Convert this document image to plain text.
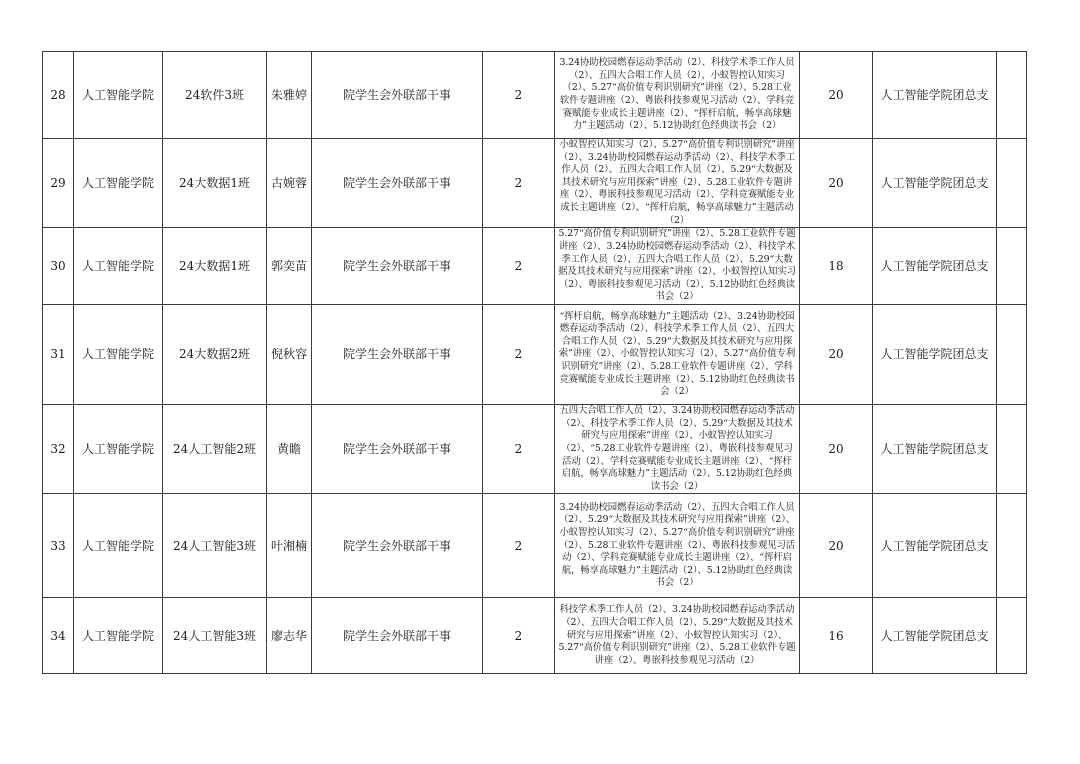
28	人工智能学院	24软件3班	朱雅婷	院学生会外联部干事	2	3.24协助校园燃春运动季活动（2）、科技学术季工作人员（2）、五四大合唱工作人员（2）、小蚁智控认知实习（2）、5.27“高价值专利识别研究”讲座（2）、5.28工业软件专题讲座（2）、粤嵌科技参观见习活动（2）、学科竞赛赋能专业成长主题讲座（2）、“挥杆启航，畅享高球魅力”主题活动（2）、5.12协助红色经典读书会（2）	20	人工智能学院团总支	
29	人工智能学院	24大数据1班	古婉蓉	院学生会外联部干事	2	小蚁智控认知实习（2）、5.27“高价值专利识别研究”讲座（2）、3.24协助校园燃春运动季活动（2）、科技学术季工作人员（2）、五四大合唱工作人员（2）、5.29“大数据及其技术研究与应用探索”讲座（2）、5.28工业软件专题讲座（2）、粤嵌科技参观见习活动（2）、学科竞赛赋能专业成长主题讲座（2）、“挥杆启航，畅享高球魅力”主题活动（2）	20	人工智能学院团总支	
30	人工智能学院	24大数据1班	郭奕苗	院学生会外联部干事	2	5.27“高价值专利识别研究”讲座（2）、5.28工业软件专题讲座（2）、3.24协助校园燃春运动季活动（2）、科技学术季工作人员（2）、五四大合唱工作人员（2）、5.29“大数据及其技术研究与应用探索”讲座（2）、小蚁智控认知实习（2）、粤嵌科技参观见习活动（2）、5.12协助红色经典读书会（2）	18	人工智能学院团总支	
31	人工智能学院	24大数据2班	倪秋容	院学生会外联部干事	2	“挥杆启航，畅享高球魅力”主题活动（2）、3.24协助校园燃春运动季活动（2）、科技学术季工作人员（2）、五四大合唱工作人员（2）、5.29“大数据及其技术研究与应用探索”讲座（2）、小蚁智控认知实习（2）、5.27“高价值专利识别研究”讲座（2）、5.28工业软件专题讲座（2）、学科竞赛赋能专业成长主题讲座（2）、5.12协助红色经典读书会（2）	20	人工智能学院团总支	
32	人工智能学院	24人工智能2班	黄瞻	院学生会外联部干事	2	五四大合唱工作人员（2）、3.24协助校园燃春运动季活动（2）、科技学术季工作人员（2）、5.29“大数据及其技术研究与应用探索”讲座（2）、小蚁智控认知实习（2）、“5.28工业软件专题讲座（2）、粤嵌科技参观见习活动（2）、学科竞赛赋能专业成长主题讲座（2）、“挥杆启航，畅享高球魅力”主题活动（2）、5.12协助红色经典读书会（2）	20	人工智能学院团总支	
33	人工智能学院	24人工智能3班	叶湘楠	院学生会外联部干事	2	3.24协助校园燃春运动季活动（2）、五四大合唱工作人员（2）、5.29“大数据及其技术研究与应用探索”讲座（2）、小蚁智控认知实习（2）、5.27“高价值专利识别研究”讲座（2）、5.28工业软件专题讲座（2）、粤嵌科技参观见习活动（2）、学科竞赛赋能专业成长主题讲座（2）、“挥杆启航，畅享高球魅力”主题活动（2）、5.12协助红色经典读书会（2）	20	人工智能学院团总支	
34	人工智能学院	24人工智能3班	廖志华	院学生会外联部干事	2	科技学术季工作人员（2）、3.24协助校园燃春运动季活动（2）、五四大合唱工作人员（2）、5.29“大数据及其技术研究与应用探索”讲座（2）、小蚁智控认知实习（2）、5.27“高价值专利识别研究”讲座（2）、5.28工业软件专题讲座（2）、粤嵌科技参观见习活动（2）	16	人工智能学院团总支	
